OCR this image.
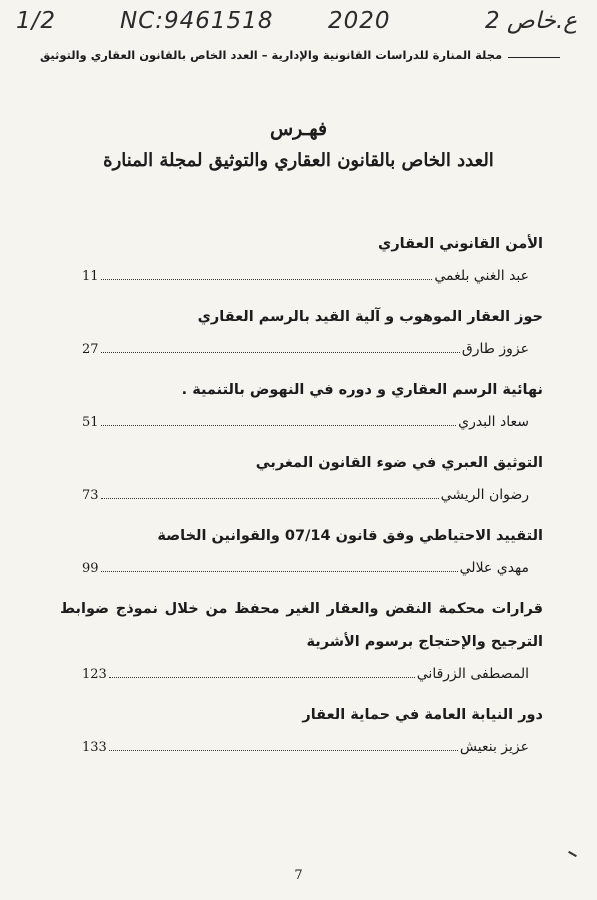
1/2	NC:9461518 2020	ع.خاص 2
مجلة المنارة للدراسات القانونية والإدارية – العدد الخاص بالقانون العقاري والتوثيق
فهـرس
العدد الخاص بالقانون العقاري والتوثيق لمجلة المنارة
الأمن القانوني العقاري
عبد الغني بلغمي
11
حوز العقار الموهوب و آلية القيد بالرسم العقاري
عزوز طارق
27
نهائية الرسم العقاري و دوره في النهوض بالتنمية .
سعاد البدري
51
التوثيق العبري في ضوء القانون المغربي
رضوان الريشي
73
التقييد الاحتياطي وفق قانون 07/14 والقوانين الخاصة
مهدي علالي
99
قرارات محكمة النقض والعقار الغير محفظ من خلال نموذج ضوابط الترجيح والإحتجاج برسوم الأشرية
المصطفى الزرقاني
123
دور النيابة العامة في حماية العقار
عزيز بنعيش
133
7
